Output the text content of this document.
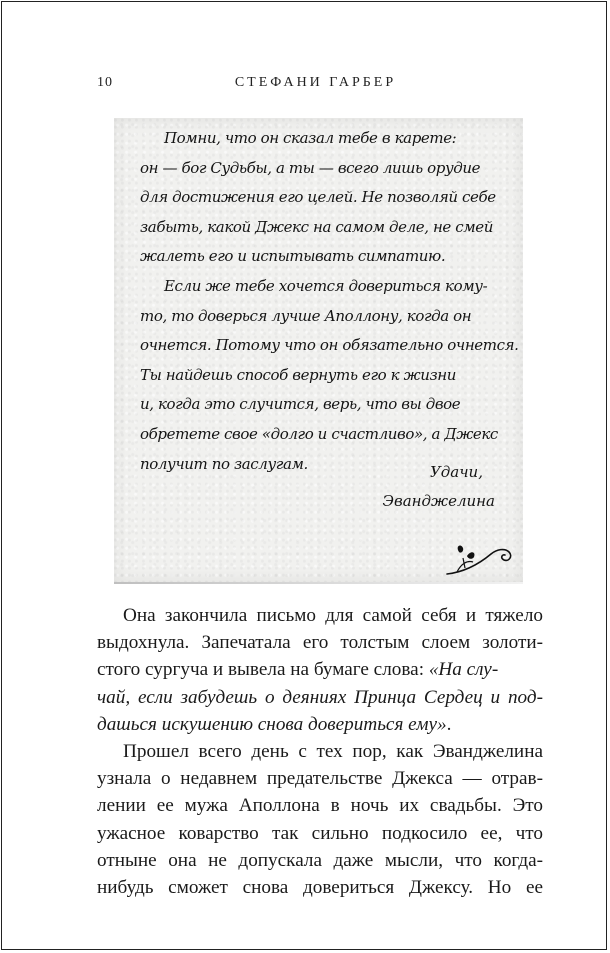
10	СТЕФАНИ ГАРБЕР
Помни, что он сказал тебе в карете:
он — бог Судьбы, а ты — всего лишь орудие
для достижения его целей. Не позволяй себе
забыть, какой Джекс на самом деле, не смей
жалеть его и испытывать симпатию.
Если же тебе хочется довериться кому-
то, то доверься лучше Аполлону, когда он
очнется. Потому что он обязательно очнется.
Ты найдешь способ вернуть его к жизни
и, когда это случится, верь, что вы двое
обретете свое «долго и счастливо», а Джекс
получит по заслугам.	Удачи,
Эванджелина
Она закончила письмо для самой себя и тяжело
выдохнула. Запечатала его толстым слоем золоти-
стого сургуча и вывела на бумаге слова: «На слу-
чай, если забудешь о деяниях Принца Сердец и под-
дашься искушению снова довериться ему».
Прошел всего день с тех пор, как Эванджелина
узнала о недавнем предательстве Джекса — отрав-
лении ее мужа Аполлона в ночь их свадьбы. Это
ужасное коварство так сильно подкосило ее, что
отныне она не допускала даже мысли, что когда-
нибудь сможет снова довериться Джексу. Но ее
